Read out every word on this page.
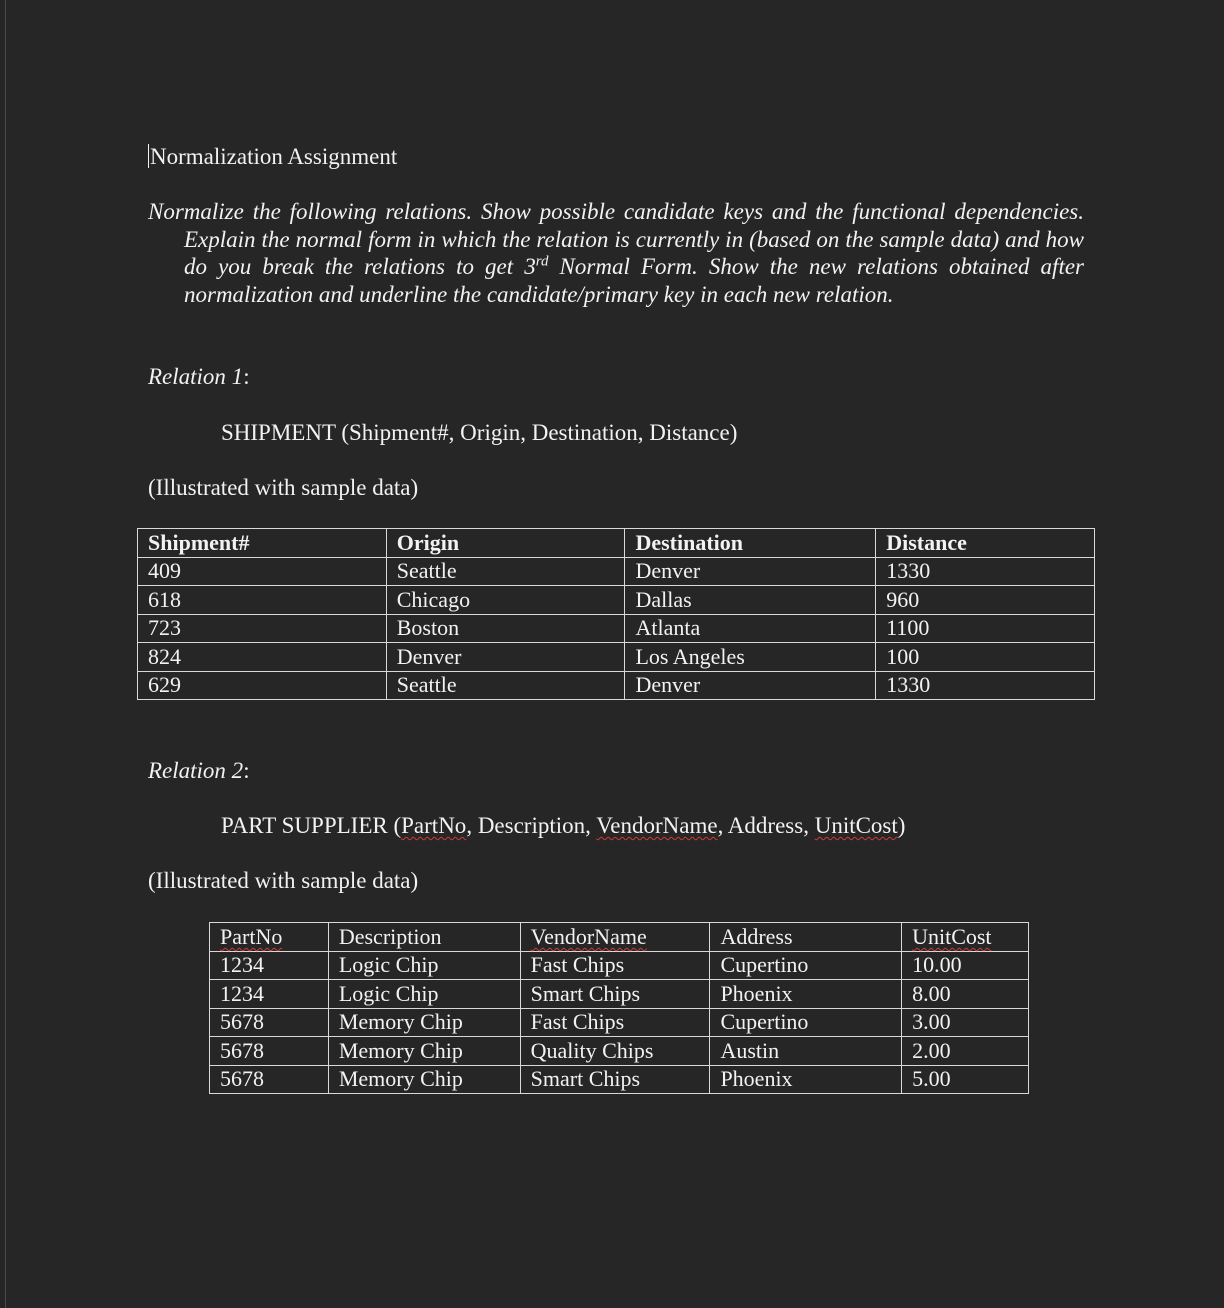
Normalization Assignment
Normalize the following relations. Show possible candidate keys and the functional dependencies. Explain the normal form in which the relation is currently in (based on the sample data) and how do you break the relations to get 3rd Normal Form. Show the new relations obtained after normalization and underline the candidate/primary key in each new relation.
Relation 1:
SHIPMENT (Shipment#, Origin, Destination, Distance)
(Illustrated with sample data)
Shipment#	Origin	Destination	Distance
409	Seattle	Denver	1330
618	Chicago	Dallas	960
723	Boston	Atlanta	1100
824	Denver	Los Angeles	100
629	Seattle	Denver	1330
Relation 2:
PART SUPPLIER (PartNo, Description, VendorName, Address, UnitCost)
(Illustrated with sample data)
PartNo	Description	VendorName	Address	UnitCost
1234	Logic Chip	Fast Chips	Cupertino	10.00
1234	Logic Chip	Smart Chips	Phoenix	8.00
5678	Memory Chip	Fast Chips	Cupertino	3.00
5678	Memory Chip	Quality Chips	Austin	2.00
5678	Memory Chip	Smart Chips	Phoenix	5.00
